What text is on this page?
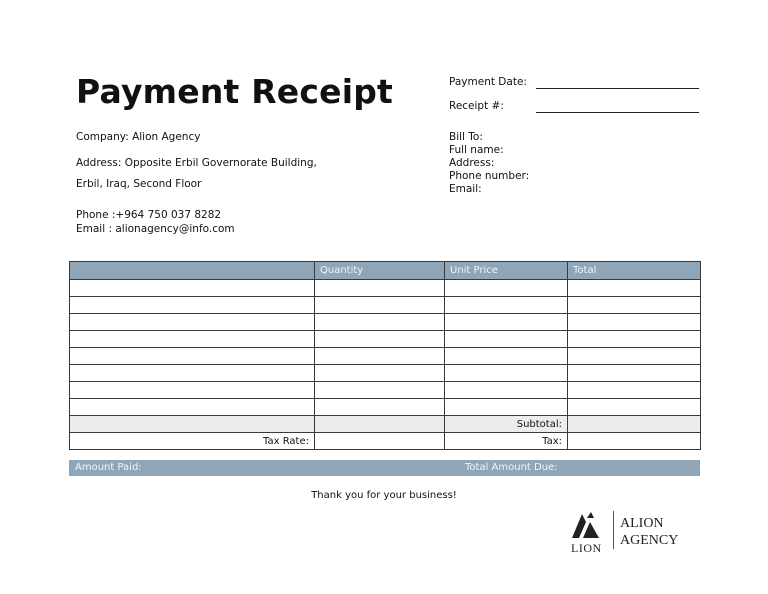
Payment Receipt	Payment Date:
Receipt #:
Company: Alion Agency
Address: Opposite Erbil Governorate Building,
Erbil, Iraq, Second Floor
Phone :+964 750 037 8282
Email : alionagency@info.com
Bill To:
Full name:
Address:
Phone number:
Email:
	Quantity	Unit Price	Total

		Subtotal:	
Tax Rate:		Tax:	
Amount Paid:	Total Amount Due:
Thank you for your business!
LION
ALION
AGENCY
